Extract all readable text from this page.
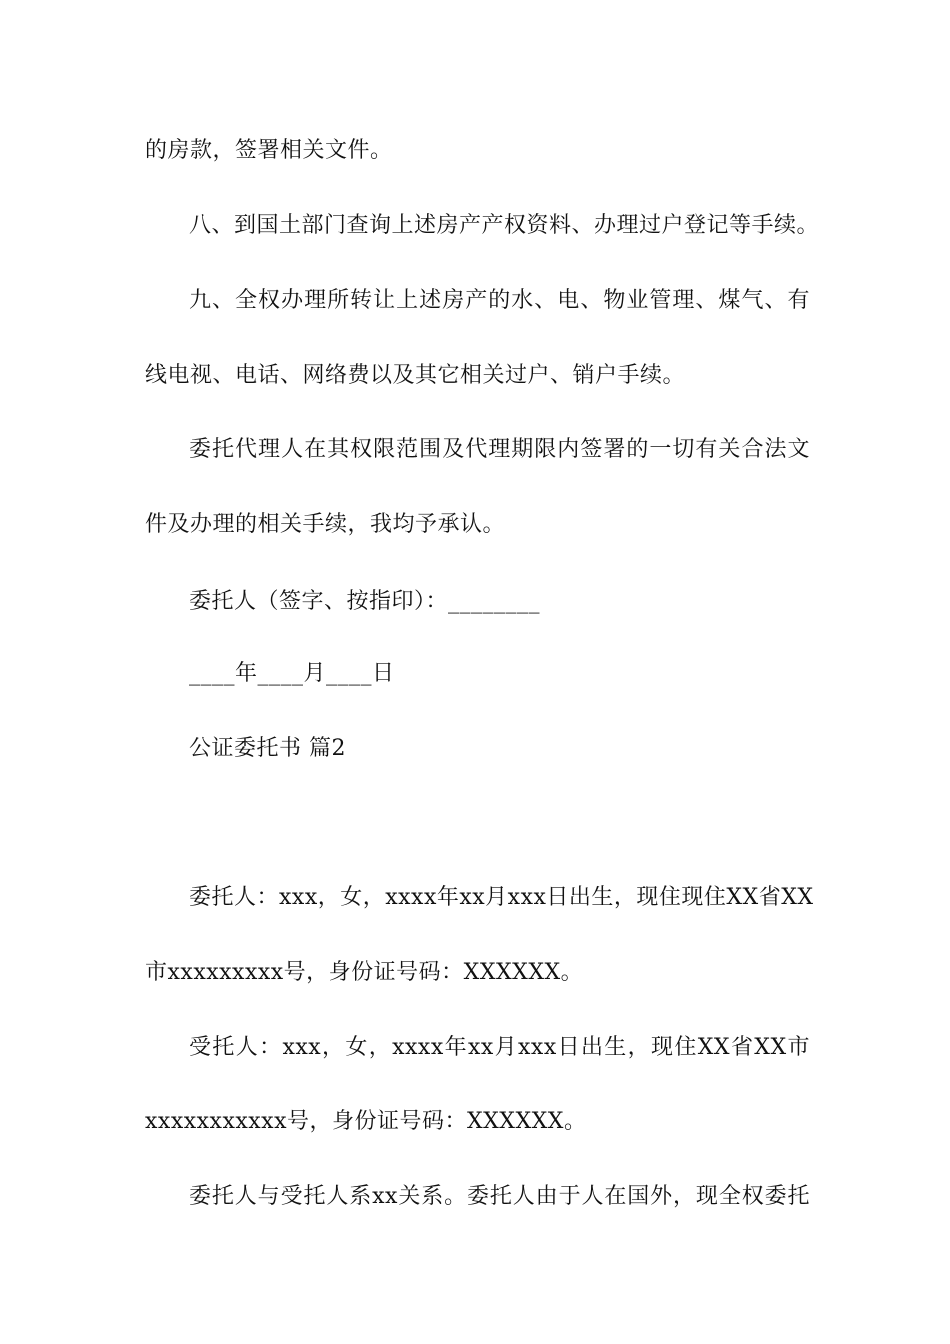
的房款，签署相关文件。
八、到国土部门查询上述房产产权资料、办理过户登记等手续。
九、全权办理所转让上述房产的水、电、物业管理、煤气、有
线电视、电话、网络费以及其它相关过户、销户手续。
委托代理人在其权限范围及代理期限内签署的一切有关合法文
件及办理的相关手续，我均予承认。
委托人（签字、按指印）：________
____年____月____日
公证委托书 篇2
委托人：xxx，女，xxxx年xx月xxx日出生，现住现住XX省XX
市xxxxxxxxx号，身份证号码：XXXXXX。
受托人：xxx，女，xxxx年xx月xxx日出生，现住XX省XX市
xxxxxxxxxxx号，身份证号码：XXXXXX。
委托人与受托人系xx关系。委托人由于人在国外，现全权委托
